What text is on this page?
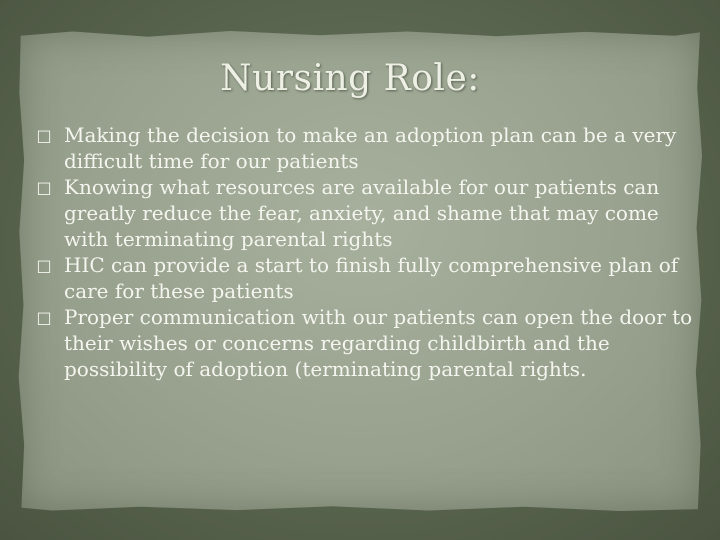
Nursing Role:
□ Making the decision to make an adoption plan can be a very difficult time for our patients
□ Knowing what resources are available for our patients can greatly reduce the fear, anxiety, and shame that may come with terminating parental rights
□ HIC can provide a start to finish fully comprehensive plan of care for these patients
□ Proper communication with our patients can open the door to their wishes or concerns regarding childbirth and the possibility of adoption (terminating parental rights.
